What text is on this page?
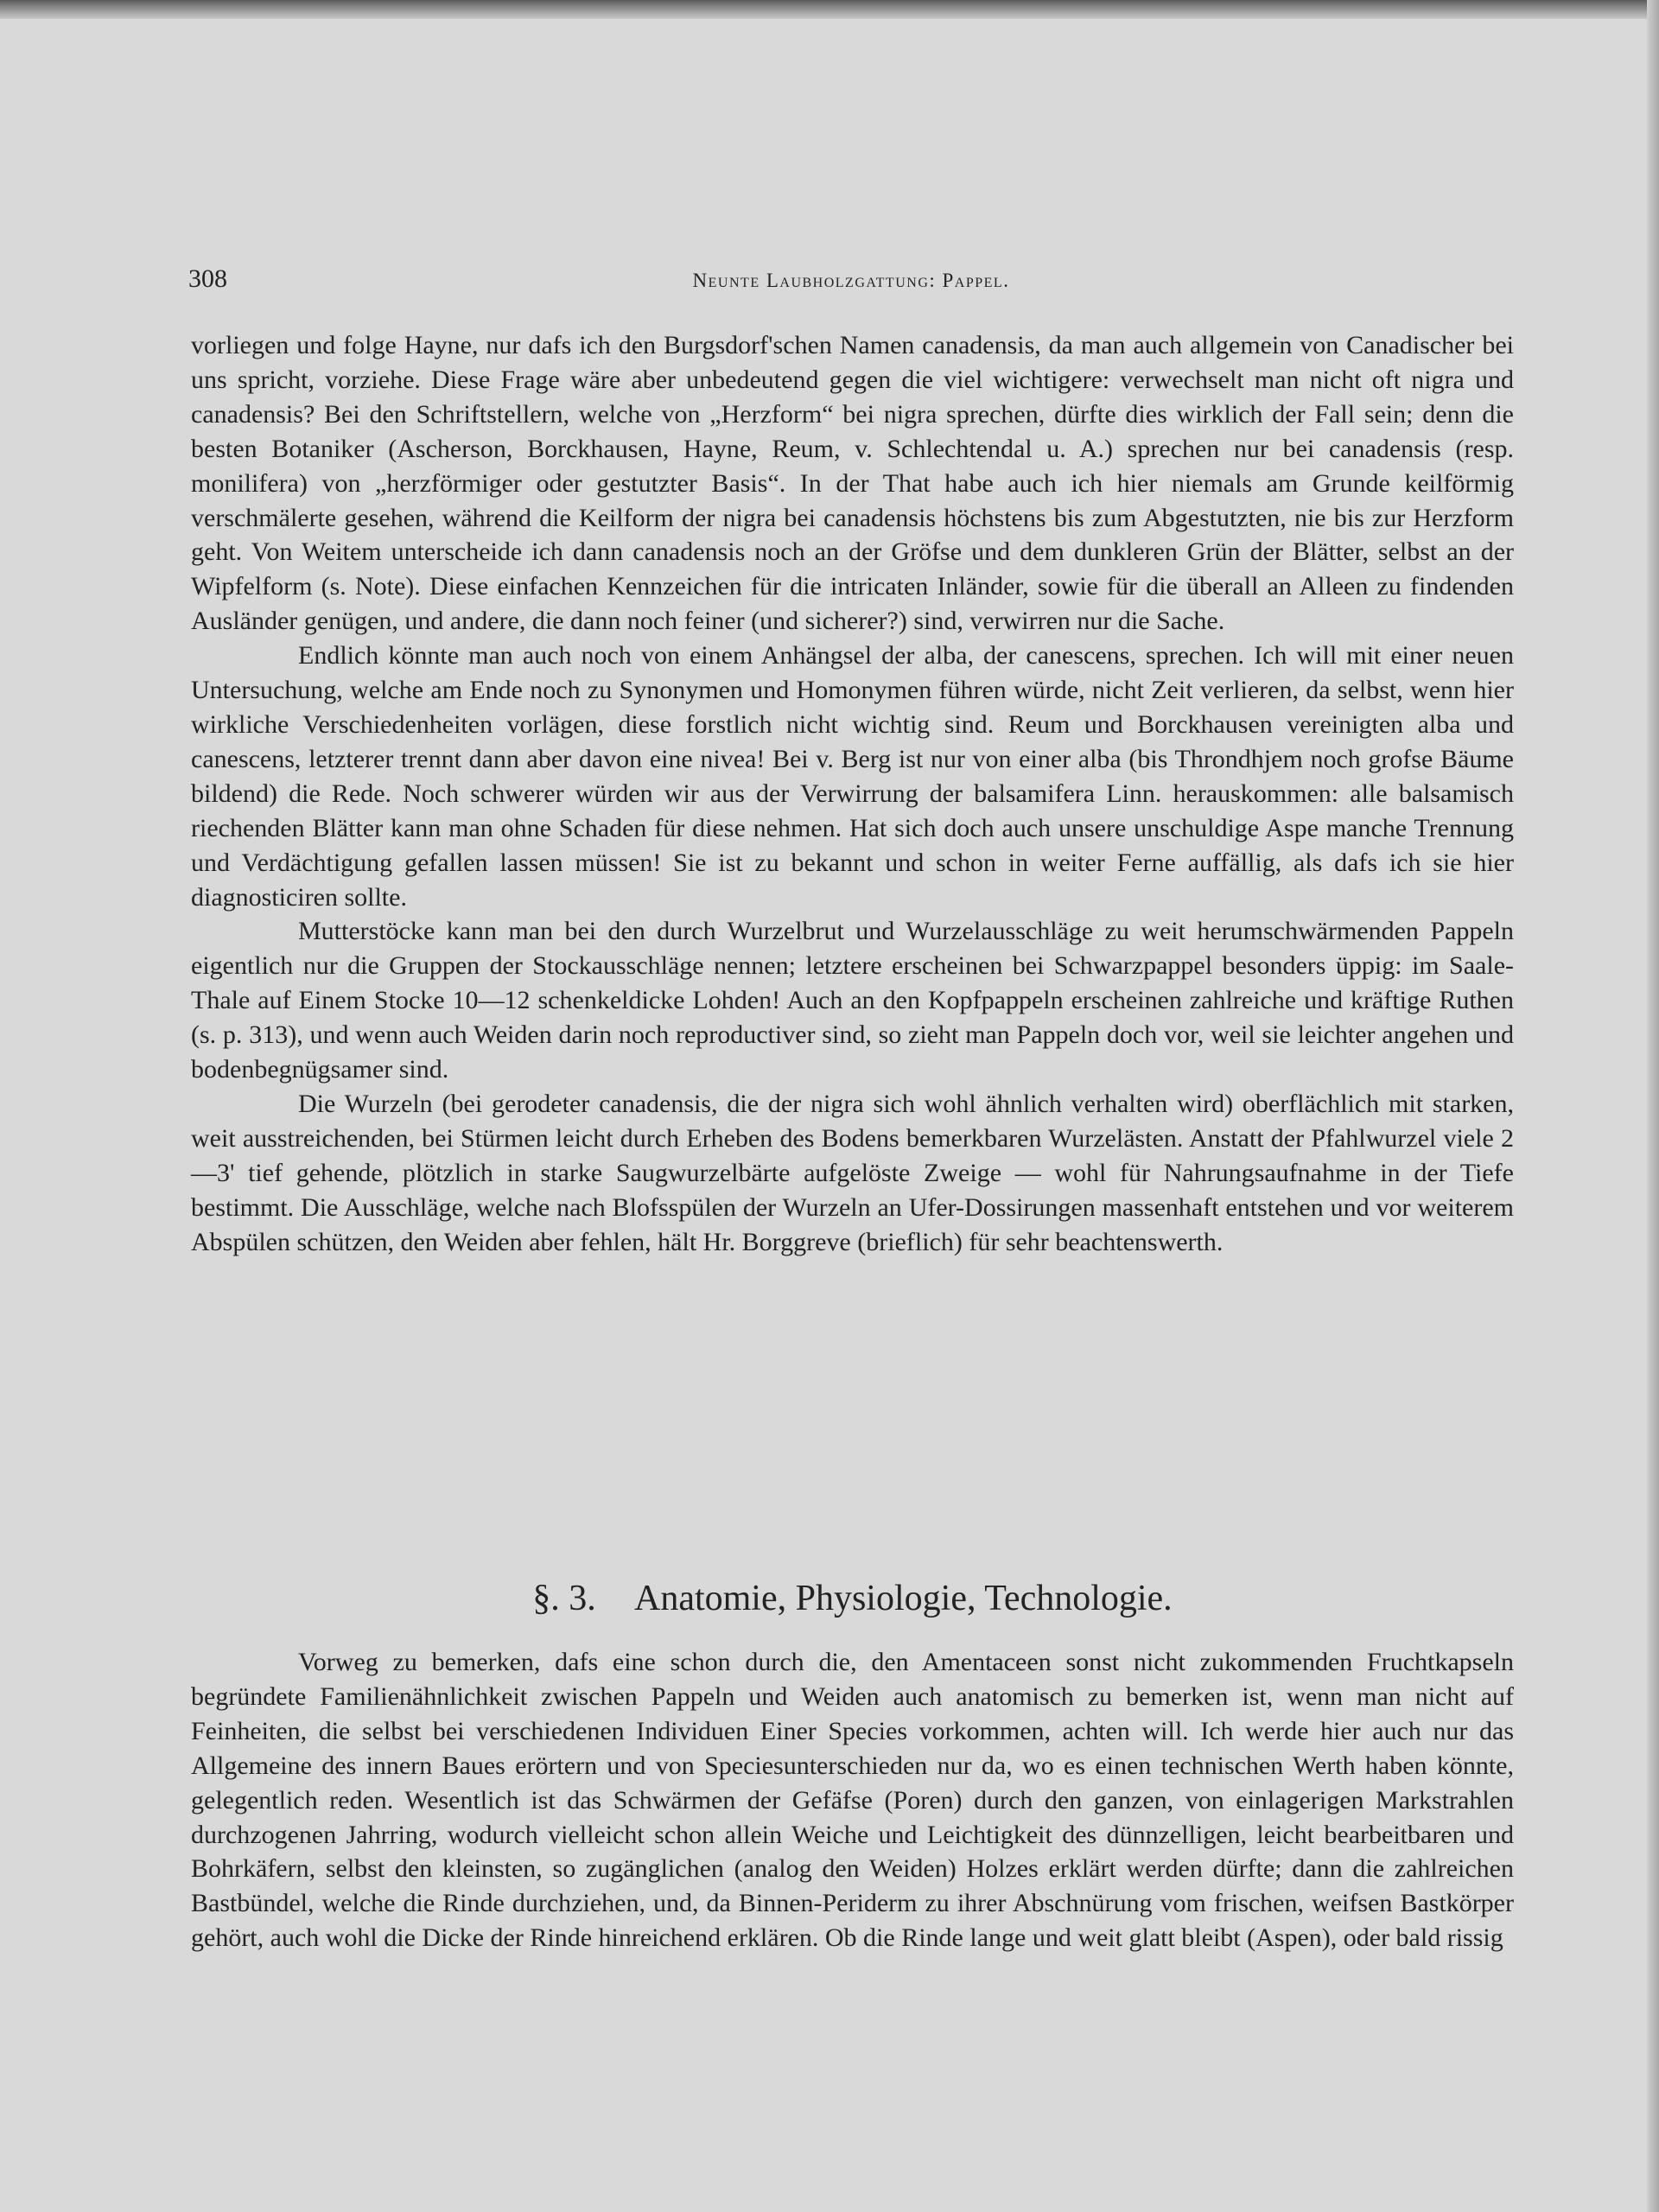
308	Neunte Laubholzgattung: Pappel.

vorliegen und folge Hayne, nur dafs ich den Burgsdorf'schen Namen canadensis, da man auch allgemein von Canadischer bei uns spricht, vorziehe. Diese Frage wäre aber unbedeutend gegen die viel wichtigere: verwechselt man nicht oft nigra und canadensis? Bei den Schriftstellern, welche von „Herzform“ bei nigra sprechen, dürfte dies wirklich der Fall sein; denn die besten Botaniker (Ascherson, Borckhausen, Hayne, Reum, v. Schlechtendal u. A.) sprechen nur bei canadensis (resp. monilifera) von „herzförmiger oder gestutzter Basis“. In der That habe auch ich hier niemals am Grunde keilförmig verschmälerte gesehen, während die Keilform der nigra bei canadensis höchstens bis zum Abgestutzten, nie bis zur Herzform geht. Von Weitem unterscheide ich dann canadensis noch an der Gröfse und dem dunkleren Grün der Blätter, selbst an der Wipfelform (s. Note). Diese einfachen Kennzeichen für die intricaten Inländer, sowie für die überall an Alleen zu findenden Ausländer genügen, und andere, die dann noch feiner (und sicherer?) sind, verwirren nur die Sache.

Endlich könnte man auch noch von einem Anhängsel der alba, der canescens, sprechen. Ich will mit einer neuen Untersuchung, welche am Ende noch zu Synonymen und Homonymen führen würde, nicht Zeit verlieren, da selbst, wenn hier wirkliche Verschiedenheiten vorlägen, diese forstlich nicht wichtig sind. Reum und Borckhausen vereinigten alba und canescens, letzterer trennt dann aber davon eine nivea! Bei v. Berg ist nur von einer alba (bis Throndhjem noch grofse Bäume bildend) die Rede. Noch schwerer würden wir aus der Verwirrung der balsamifera Linn. herauskommen: alle balsamisch riechenden Blätter kann man ohne Schaden für diese nehmen. Hat sich doch auch unsere unschuldige Aspe manche Trennung und Verdächtigung gefallen lassen müssen! Sie ist zu bekannt und schon in weiter Ferne auffällig, als dafs ich sie hier diagnosticiren sollte.

Mutterstöcke kann man bei den durch Wurzelbrut und Wurzelausschläge zu weit herumschwärmenden Pappeln eigentlich nur die Gruppen der Stockausschläge nennen; letztere erscheinen bei Schwarzpappel besonders üppig: im Saale-Thale auf Einem Stocke 10—12 schenkeldicke Lohden! Auch an den Kopfpappeln erscheinen zahlreiche und kräftige Ruthen (s. p. 313), und wenn auch Weiden darin noch reproductiver sind, so zieht man Pappeln doch vor, weil sie leichter angehen und bodenbegnügsamer sind.

Die Wurzeln (bei gerodeter canadensis, die der nigra sich wohl ähnlich verhalten wird) oberflächlich mit starken, weit ausstreichenden, bei Stürmen leicht durch Erheben des Bodens bemerkbaren Wurzelästen. Anstatt der Pfahlwurzel viele 2—3' tief gehende, plötzlich in starke Saugwurzelbärte aufgelöste Zweige — wohl für Nahrungsaufnahme in der Tiefe bestimmt. Die Ausschläge, welche nach Blofsspülen der Wurzeln an Ufer-Dossirungen massenhaft entstehen und vor weiterem Abspülen schützen, den Weiden aber fehlen, hält Hr. Borggreve (brieflich) für sehr beachtenswerth.

§. 3. Anatomie, Physiologie, Technologie.

Vorweg zu bemerken, dafs eine schon durch die, den Amentaceen sonst nicht zukommenden Fruchtkapseln begründete Familienähnlichkeit zwischen Pappeln und Weiden auch anatomisch zu bemerken ist, wenn man nicht auf Feinheiten, die selbst bei verschiedenen Individuen Einer Species vorkommen, achten will. Ich werde hier auch nur das Allgemeine des innern Baues erörtern und von Speciesunterschieden nur da, wo es einen technischen Werth haben könnte, gelegentlich reden. Wesentlich ist das Schwärmen der Gefäfse (Poren) durch den ganzen, von einlagerigen Markstrahlen durchzogenen Jahrring, wodurch vielleicht schon allein Weiche und Leichtigkeit des dünnzelligen, leicht bearbeitbaren und Bohrkäfern, selbst den kleinsten, so zugänglichen (analog den Weiden) Holzes erklärt werden dürfte; dann die zahlreichen Bastbündel, welche die Rinde durchziehen, und, da Binnen-Periderm zu ihrer Abschnürung vom frischen, weifsen Bastkörper gehört, auch wohl die Dicke der Rinde hinreichend erklären. Ob die Rinde lange und weit glatt bleibt (Aspen), oder bald rissig
